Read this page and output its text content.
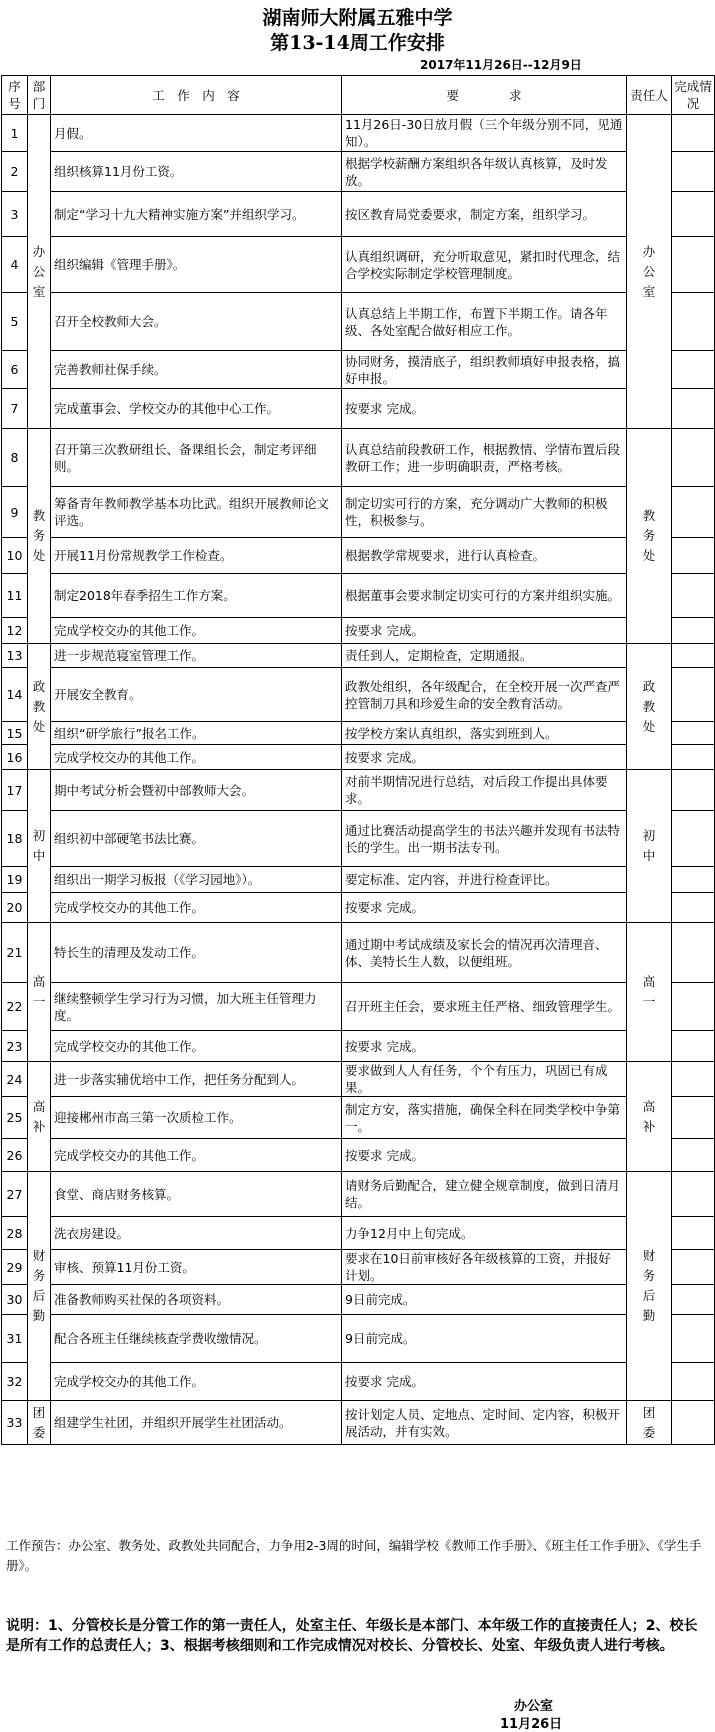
湖南师大附属五雅中学
第13-14周工作安排
2017年11月26日--12月9日
序号	部门	工　作　内　容	要　　　　求	责任人	完成情况
1	办公室	月假。	11月26日-30日放月假（三个年级分别不同，见通知）。	办公室	

2		组织核算11月份工资。	根据学校薪酬方案组织各年级认真核算，及时发放。		
3		制定“学习十九大精神实施方案”并组织学习。	按区教育局党委要求，制定方案，组织学习。		
4		组织编辑《管理手册》。	认真组织调研，充分听取意见，紧扣时代理念，结合学校实际制定学校管理制度。		
5		召开全校教师大会。	认真总结上半期工作，布置下半期工作。请各年级、各处室配合做好相应工作。		
6		完善教师社保手续。	协同财务，摸清底子，组织教师填好申报表格，搞好申报。		
7		完成董事会、学校交办的其他中心工作。	按要求 完成。		
8	教务处	召开第三次教研组长、备课组长会，制定考评细则。	认真总结前段教研工作，根据教情、学情布置后段教研工作；进一步明确职责，严格考核。	教务处	

9		筹备青年教师教学基本功比武。组织开展教师论文评选。	制定切实可行的方案，充分调动广大教师的积极性，积极参与。		
10		开展11月份常规教学工作检查。	根据教学常规要求，进行认真检查。		
11		制定2018年春季招生工作方案。	根据董事会要求制定切实可行的方案并组织实施。		
12		完成学校交办的其他工作。	按要求 完成。		
13	政教处	进一步规范寝室管理工作。	责任到人，定期检查，定期通报。	政教处	

14		开展安全教育。	政教处组织，各年级配合，在全校开展一次严查严控管制刀具和珍爱生命的安全教育活动。		
15		组织“研学旅行”报名工作。	按学校方案认真组织，落实到班到人。		
16		完成学校交办的其他工作。	按要求 完成。		
17	初中	期中考试分析会暨初中部教师大会。	对前半期情况进行总结，对后段工作提出具体要求。	初中	

18		组织初中部硬笔书法比赛。	通过比赛活动提高学生的书法兴趣并发现有书法特长的学生。出一期书法专刊。		
19		组织出一期学习板报（《学习园地》）。	要定标准、定内容，并进行检查评比。		
20		完成学校交办的其他工作。	按要求 完成。		
21	高一	特长生的清理及发动工作。	通过期中考试成绩及家长会的情况再次清理音、体、美特长生人数，以便组班。	高一	

22		继续整顿学生学习行为习惯，加大班主任管理力度。	召开班主任会，要求班主任严格、细致管理学生。		
23		完成学校交办的其他工作。	按要求 完成。		
24	高补	进一步落实辅优培中工作，把任务分配到人。	要求做到人人有任务，个个有压力，巩固已有成果。	高补	

25		迎接郴州市高三第一次质检工作。	制定方安，落实措施，确保全科在同类学校中争第一。		
26		完成学校交办的其他工作。	按要求 完成。		
27	财务后勤	食堂、商店财务核算。	请财务后勤配合，建立健全规章制度，做到日清月结。	财务后勤	

28		洗衣房建设。	力争12月中上旬完成。		
29		审核、预算11月份工资。	要求在10日前审核好各年级核算的工资，并报好计划。		
30		准备教师购买社保的各项资料。	9日前完成。		
31		配合各班主任继续核查学费收缴情况。	9日前完成。		
32		完成学校交办的其他工作。	按要求 完成。		
33	团委	组建学生社团，并组织开展学生社团活动。	按计划定人员、定地点、定时间、定内容，积极开展活动，并有实效。	团委	

工作预告：办公室、教务处、政教处共同配合，力争用2-3周的时间，编辑学校《教师工作手册》、《班主任工作手册》、《学生手册》。
说明：1、分管校长是分管工作的第一责任人，处室主任、年级长是本部门、本年级工作的直接责任人；2、校长是所有工作的总责任人；3、根据考核细则和工作完成情况对校长、分管校长、处室、年级负责人进行考核。
办公室
11月26日
